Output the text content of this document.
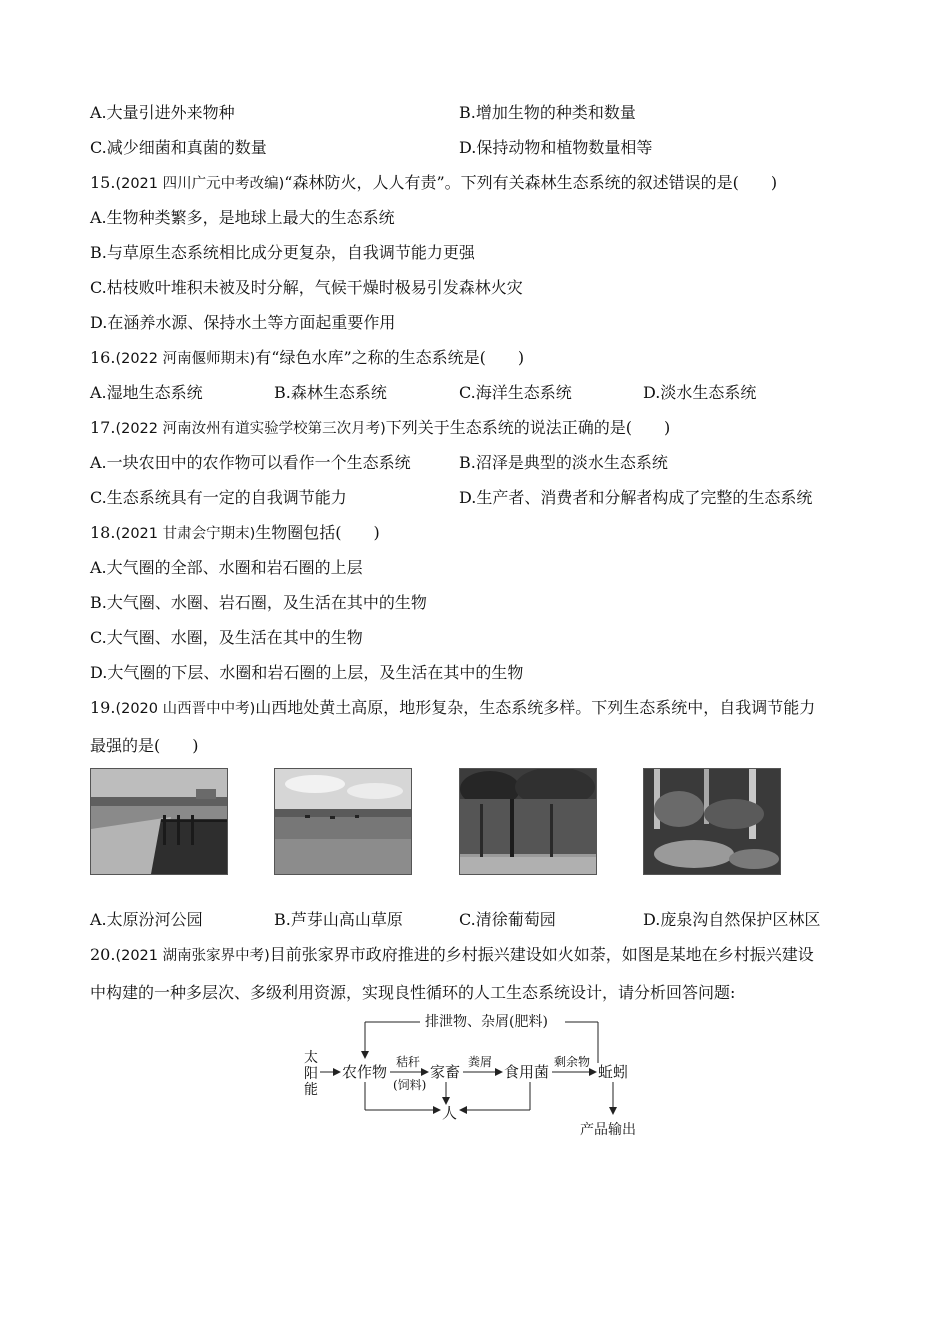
A.大量引进外来物种	B.增加生物的种类和数量
C.减少细菌和真菌的数量	D.保持动物和植物数量相等
15.(2021 四川广元中考改编)“森林防火，人人有责”。下列有关森林生态系统的叙述错误的是(　　)
A.生物种类繁多，是地球上最大的生态系统
B.与草原生态系统相比成分更复杂，自我调节能力更强
C.枯枝败叶堆积未被及时分解，气候干燥时极易引发森林火灾
D.在涵养水源、保持水土等方面起重要作用
16.(2022 河南偃师期末)有“绿色水库”之称的生态系统是(　　)
A.湿地生态系统	B.森林生态系统	C.海洋生态系统	D.淡水生态系统
17.(2022 河南汝州有道实验学校第三次月考)下列关于生态系统的说法正确的是(　　)
A.一块农田中的农作物可以看作一个生态系统	B.沼泽是典型的淡水生态系统
C.生态系统具有一定的自我调节能力	D.生产者、消费者和分解者构成了完整的生态系统
18.(2021 甘肃会宁期末)生物圈包括(　　)
A.大气圈的全部、水圈和岩石圈的上层
B.大气圈、水圈、岩石圈，及生活在其中的生物
C.大气圈、水圈，及生活在其中的生物
D.大气圈的下层、水圈和岩石圈的上层，及生活在其中的生物
19.(2020 山西晋中中考)山西地处黄土高原，地形复杂，生态系统多样。下列生态系统中，自我调节能力
最强的是(　　)
A.太原汾河公园	B.芦芽山高山草原	C.清徐葡萄园	D.庞泉沟自然保护区林区
20.(2021 湖南张家界中考)目前张家界市政府推进的乡村振兴建设如火如荼，如图是某地在乡村振兴建设
中构建的一种多层次、多级利用资源，实现良性循环的人工生态系统设计，请分析回答问题:
排泄物、杂屑(肥料)
太
阳
能
农作物
秸秆
(饲料)
家畜
粪屑
食用菌
剩余物
蚯蚓
人
产品输出
